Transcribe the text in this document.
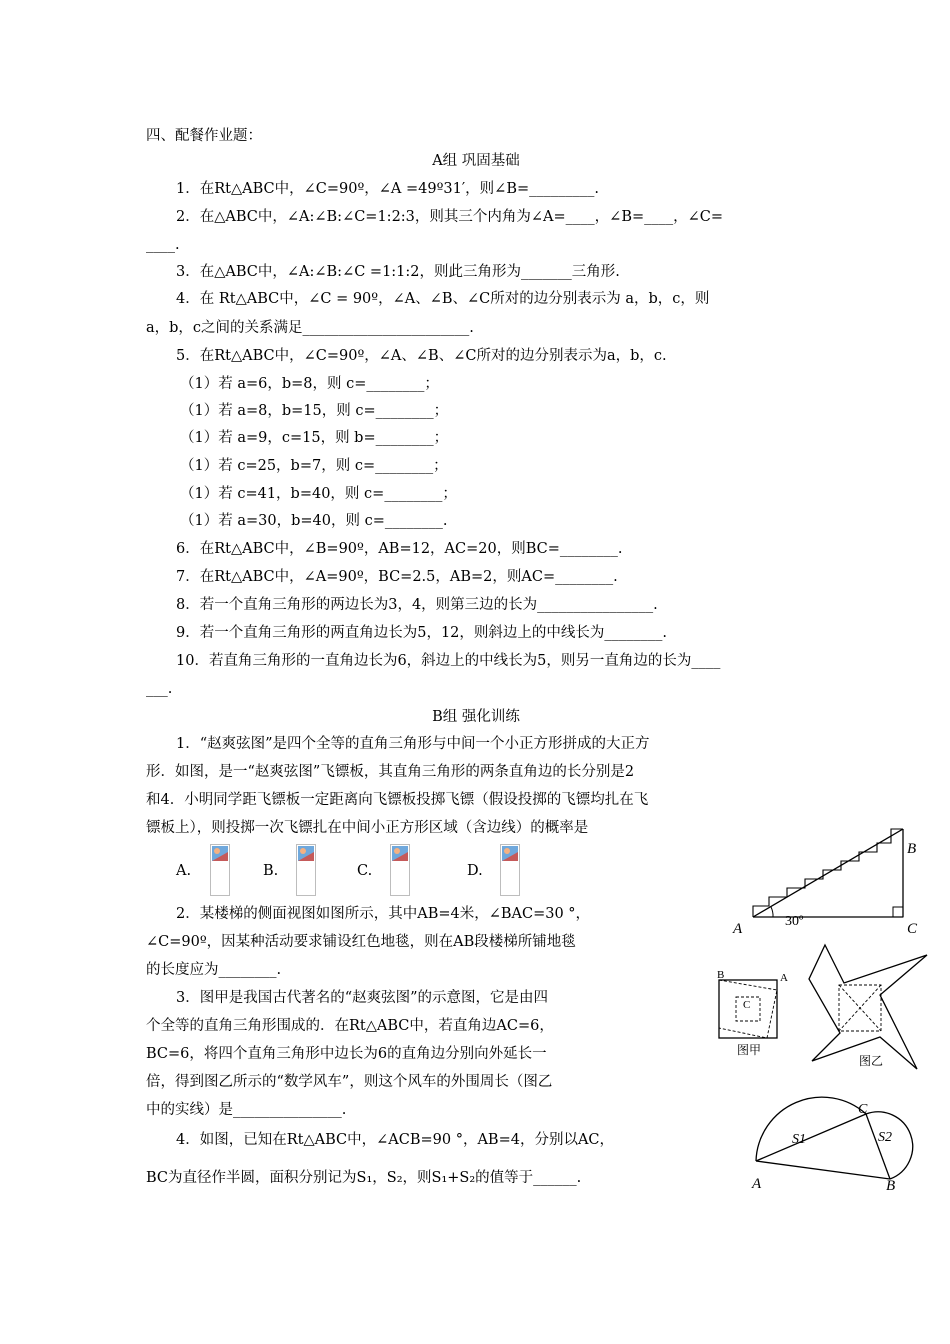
四、配餐作业题：
A组 巩固基础
1．在Rt△ABC中，∠C=90º，∠A =49º31′，则∠B=_________.
2．在△ABC中，∠A:∠B:∠C=1:2:3，则其三个内角为∠A=____，∠B=____，∠C=
____.
3．在△ABC中，∠A:∠B:∠C =1:1:2，则此三角形为_______三角形.
4．在 Rt△ABC中，∠C = 90º，∠A、∠B、∠C所对的边分别表示为 a，b，c，则
a，b，c之间的关系满足_______________________.
5．在Rt△ABC中，∠C=90º，∠A、∠B、∠C所对的边分别表示为a，b，c.
（1）若 a=6，b=8，则 c=________；
（1）若 a=8，b=15，则 c=________；
（1）若 a=9，c=15，则 b=________；
（1）若 c=25，b=7，则 c=________；
（1）若 c=41，b=40，则 c=________；
（1）若 a=30，b=40，则 c=________.
6．在Rt△ABC中，∠B=90º，AB=12，AC=20，则BC=________.
7．在Rt△ABC中，∠A=90º，BC=2.5，AB=2，则AC=________.
8．若一个直角三角形的两边长为3，4，则第三边的长为________________.
9．若一个直角三角形的两直角边长为5，12，则斜边上的中线长为________.
10．若直角三角形的一直角边长为6，斜边上的中线长为5，则另一直角边的长为____
___.
B组 强化训练
1．“赵爽弦图”是四个全等的直角三角形与中间一个小正方形拼成的大正方
形．如图，是一“赵爽弦图”飞镖板，其直角三角形的两条直角边的长分别是2
和4．小明同学距飞镖板一定距离向飞镖板投掷飞镖（假设投掷的飞镖均扎在飞
镖板上），则投掷一次飞镖扎在中间小正方形区域（含边线）的概率是
A.	B.	C.	D.
2．某楼梯的侧面视图如图所示，其中AB=4米，∠BAC=30 °，
∠C=90º，因某种活动要求铺设红色地毯，则在AB段楼梯所铺地毯
的长度应为________.
3．图甲是我国古代著名的“赵爽弦图”的示意图，它是由四
个全等的直角三角形围成的．在Rt△ABC中，若直角边AC=6，
BC=6，将四个直角三角形中边长为6的直角边分别向外延长一
倍，得到图乙所示的“数学风车”，则这个风车的外围周长（图乙
中的实线）是_______________.
4．如图，已知在Rt△ABC中，∠ACB=90 °，AB=4，分别以AC，
BC为直径作半圆，面积分别记为S₁，S₂，则S₁+S₂的值等于______.
B
A	C
30º
B	A
C
图甲
图乙
C
S1	S2
A	B
